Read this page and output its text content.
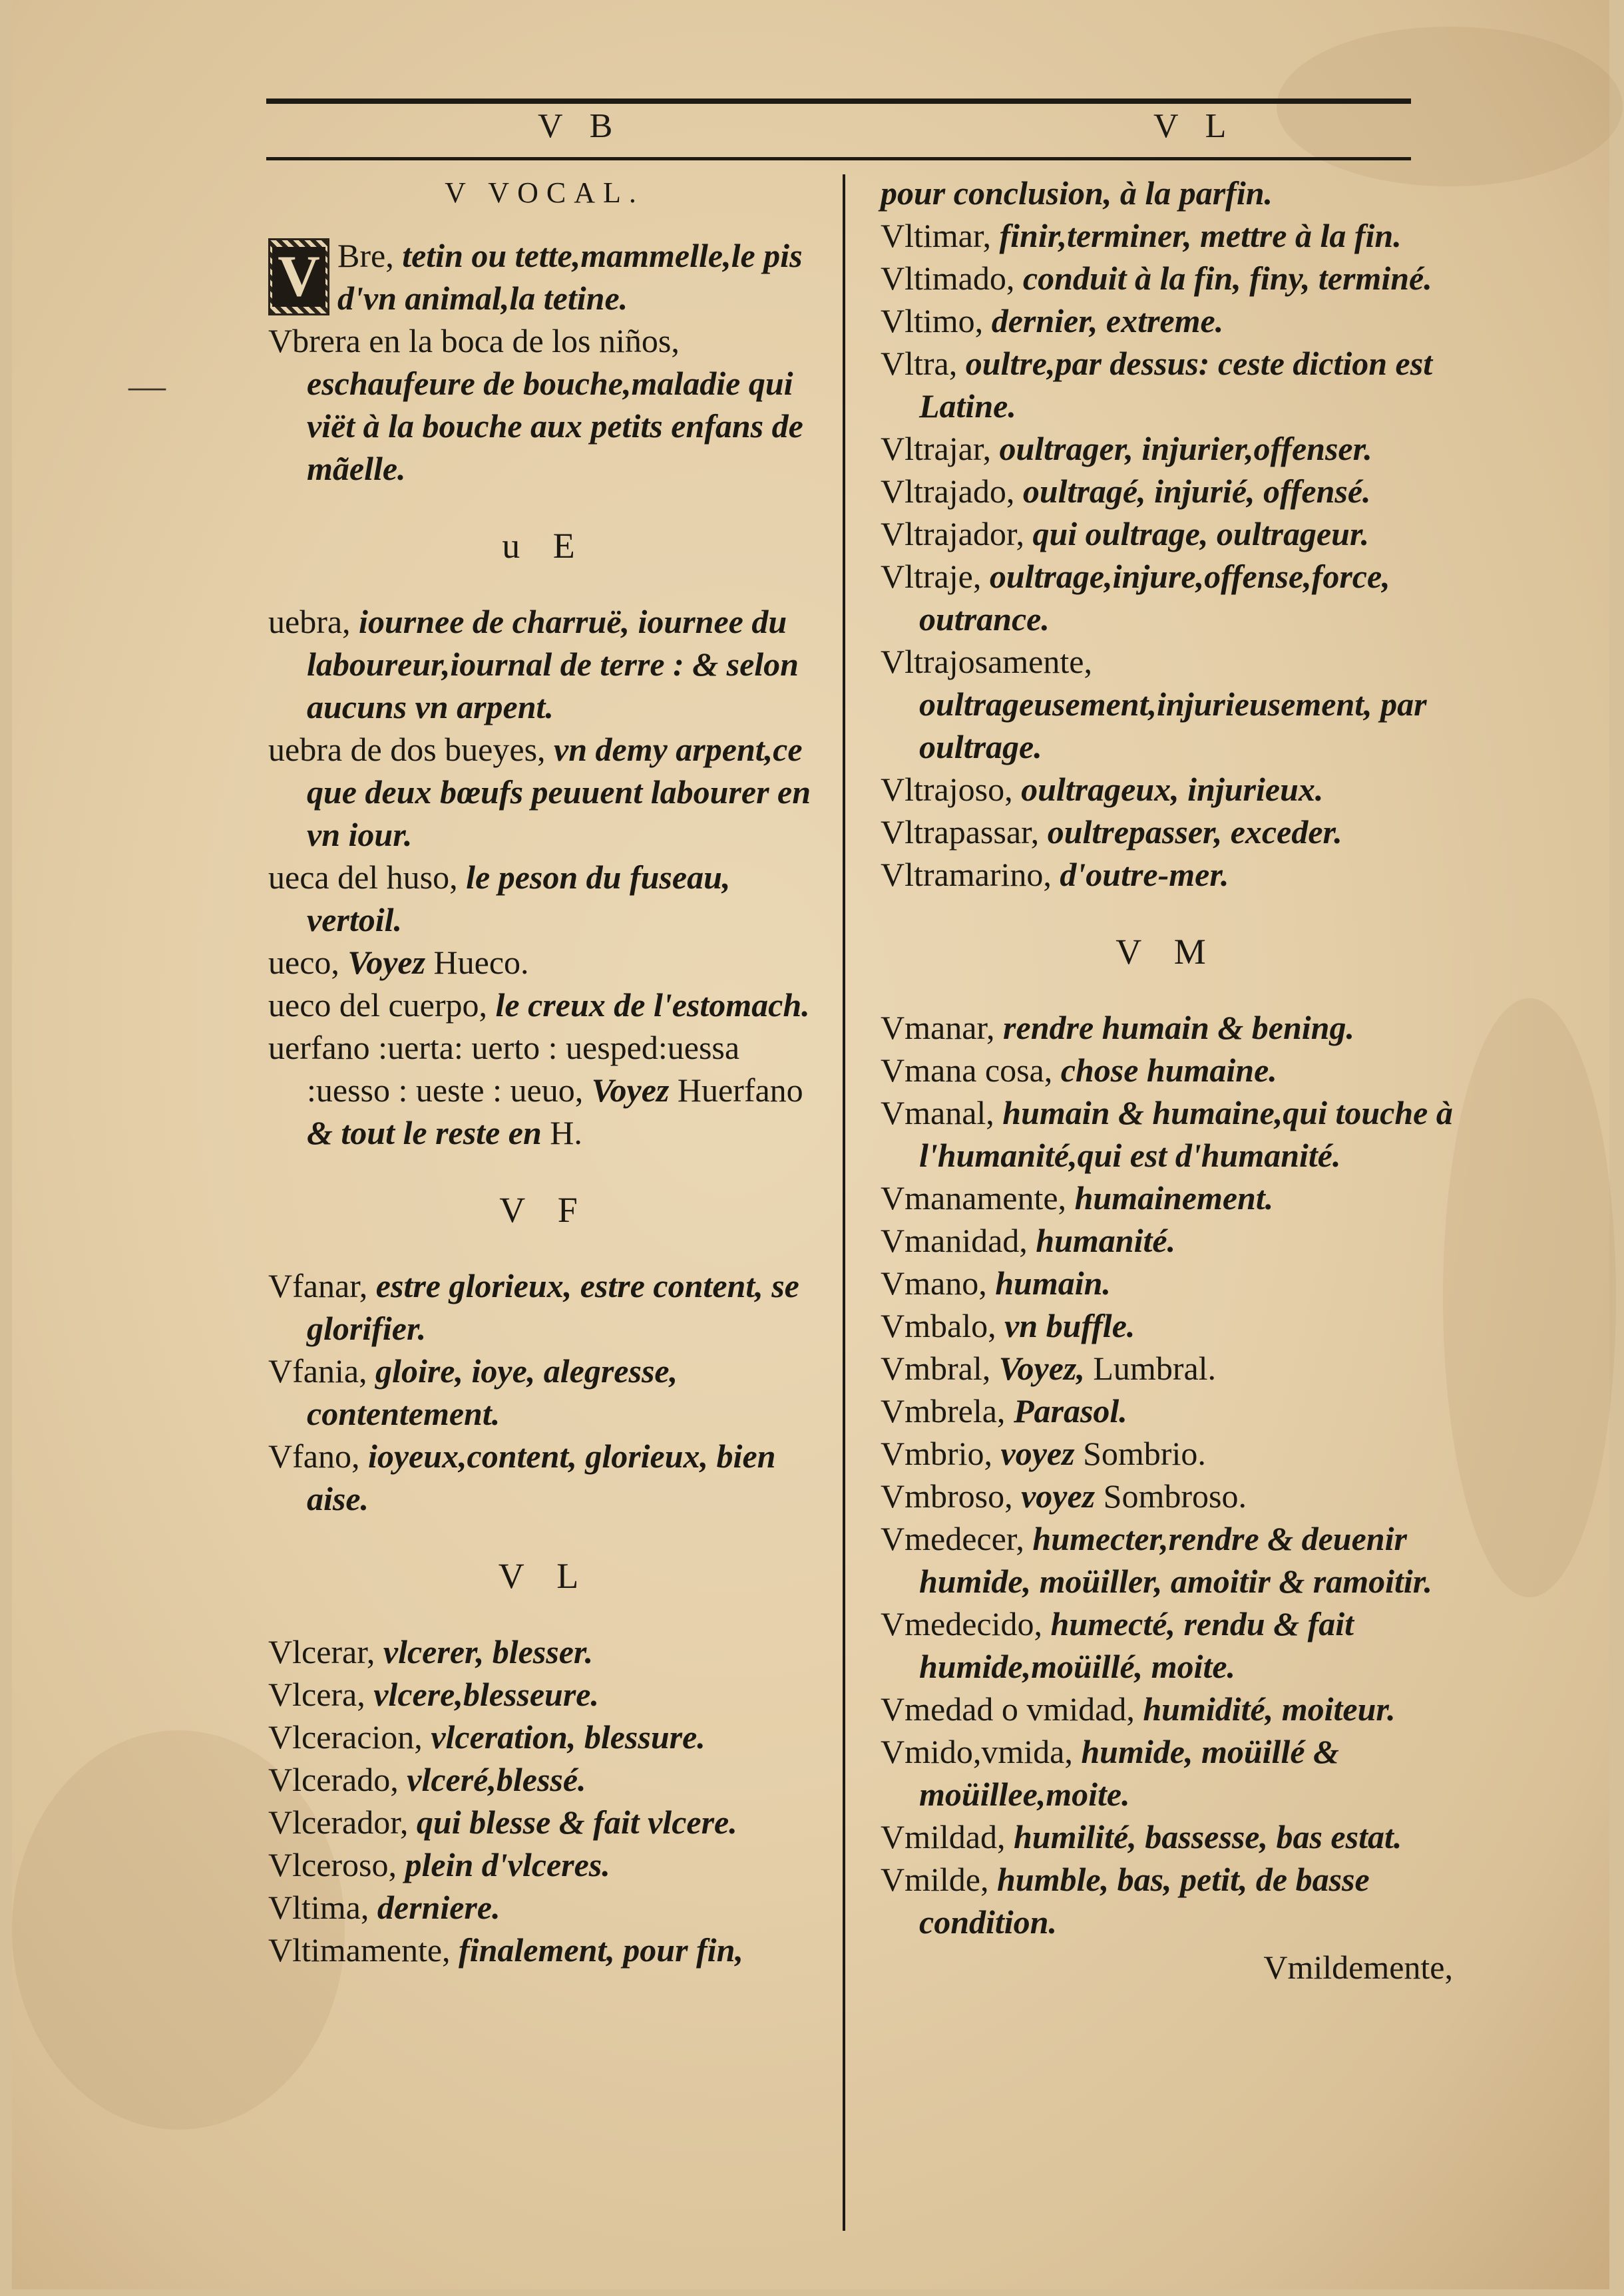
V B	V L
V VOCAL.

V Bre, tetin ou tette,mammelle,le pis d'vn animal,la tetine.

Vbrera en la boca de los niños, eschaufeure de bouche,maladie qui viët à la bouche aux petits enfans de mãelle.

u E

uebra, iournee de charruë, iournee du laboureur,iournal de terre : & selon aucuns vn arpent.

uebra de dos bueyes, vn demy arpent,ce que deux bœufs peuuent labourer en vn iour.

ueca del huso, le peson du fuseau, vertoil.

ueco, Voyez Hueco.

ueco del cuerpo, le creux de l'estomach.

uerfano :uerta: uerto : uesped:uessa :uesso : ueste : ueuo, Voyez Huerfano & tout le reste en H.

V F

Vfanar, estre glorieux, estre content, se glorifier.

Vfania, gloire, ioye, alegresse, contentement.

Vfano, ioyeux,content, glorieux, bien aise.

V L

Vlcerar, vlcerer, blesser.

Vlcera, vlcere,blesseure.

Vlceracion, vlceration, blessure.

Vlcerado, vlceré,blessé.

Vlcerador, qui blesse & fait vlcere.

Vlceroso, plein d'vlceres.

Vltima, derniere.

Vltimamente, finalement, pour fin,

pour conclusion, à la parfin.

Vltimar, finir,terminer, mettre à la fin.

Vltimado, conduit à la fin, finy, terminé.

Vltimo, dernier, extreme.

Vltra, oultre,par dessus: ceste diction est Latine.

Vltrajar, oultrager, injurier,offenser.

Vltrajado, oultragé, injurié, offensé.

Vltrajador, qui oultrage, oultrageur.

Vltraje, oultrage,injure,offense,force, outrance.

Vltrajosamente, oultrageusement,injurieusement, par oultrage.

Vltrajoso, oultrageux, injurieux.

Vltrapassar, oultrepasser, exceder.

Vltramarino, d'outre-mer.

V M

Vmanar, rendre humain & bening.

Vmana cosa, chose humaine.

Vmanal, humain & humaine,qui touche à l'humanité,qui est d'humanité.

Vmanamente, humainement.

Vmanidad, humanité.

Vmano, humain.

Vmbalo, vn buffle.

Vmbral, Voyez, Lumbral.

Vmbrela, Parasol.

Vmbrio, voyez Sombrio.

Vmbroso, voyez Sombroso.

Vmedecer, humecter,rendre & deuenir humide, moüiller, amoitir & ramoitir.

Vmedecido, humecté, rendu & fait humide,moüillé, moite.

Vmedad o vmidad, humidité, moiteur.

Vmido,vmida, humide, moüillé & moüillee,moite.

Vmildad, humilité, bassesse, bas estat.

Vmilde, humble, bas, petit, de basse condition.

Vmildemente,
—
